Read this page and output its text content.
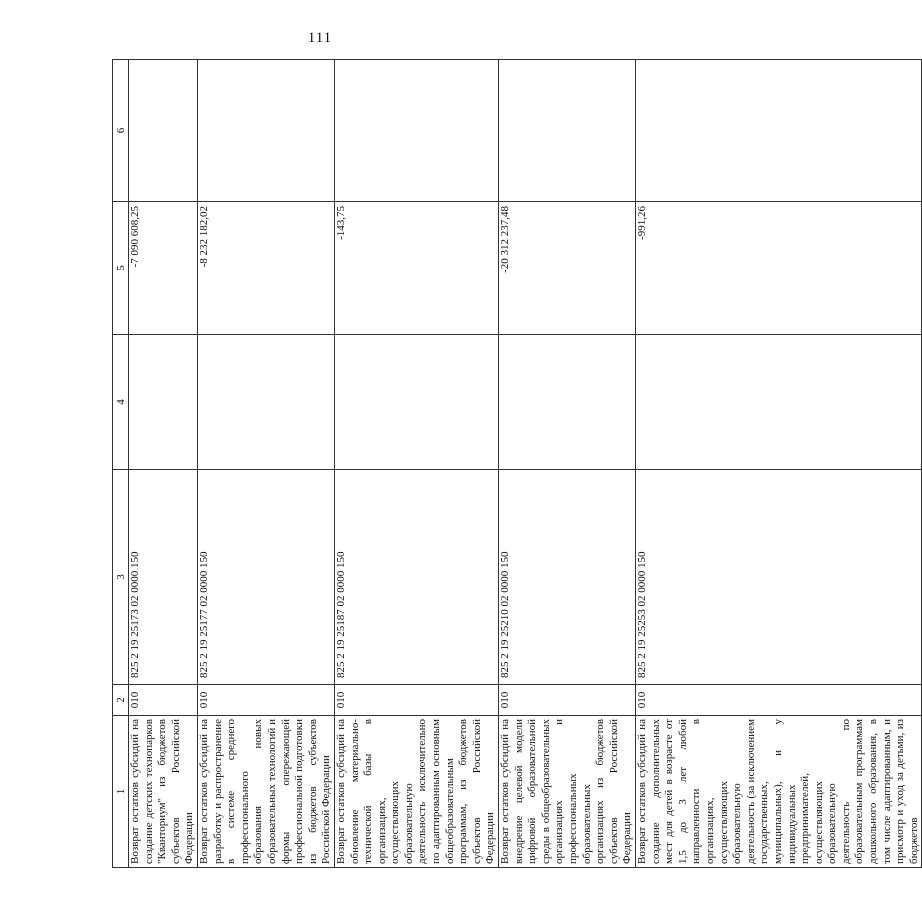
111
1	2	3	4	5	6
Возврат остатков субсидий на создание детских технопарков "Кванториум" из бюджетов субъектов Российской Федерации	010	825 2 19 25173 02 0000 150		-7 090 608,25	
Возврат остатков субсидий на разработку и распространение в системе среднего профессионального образования новых образовательных технологий и формы опережающей профессиональной подготовки из бюджетов субъектов Российской Федерации	010	825 2 19 25177 02 0000 150		-8 232 182,02	
Возврат остатков субсидий на обновление материально-технической базы в организациях, осуществляющих образовательную деятельность исключительно по адаптированным основным общеобразовательным программам, из бюджетов субъектов Российской Федерации	010	825 2 19 25187 02 0000 150		-143,75	
Возврат остатков субсидий на внедрение целевой модели цифровой образовательной среды в общеобразовательных организациях и профессиональных образовательных организациях из бюджетов субъектов Российской Федерации	010	825 2 19 25210 02 0000 150		-20 312 237,48	
Возврат остатков субсидий на создание дополнительных мест для детей в возрасте от 1,5 до 3 лет любой направленности в организациях, осуществляющих образовательную деятельность (за исключением государственных, муниципальных), и у индивидуальных предпринимателей, осуществляющих образовательную деятельность по образовательным программам дошкольного образования, в том числе адаптированным, и присмотр и уход за детьми, из бюджетов	010	825 2 19 25253 02 0000 150		-991,26	
